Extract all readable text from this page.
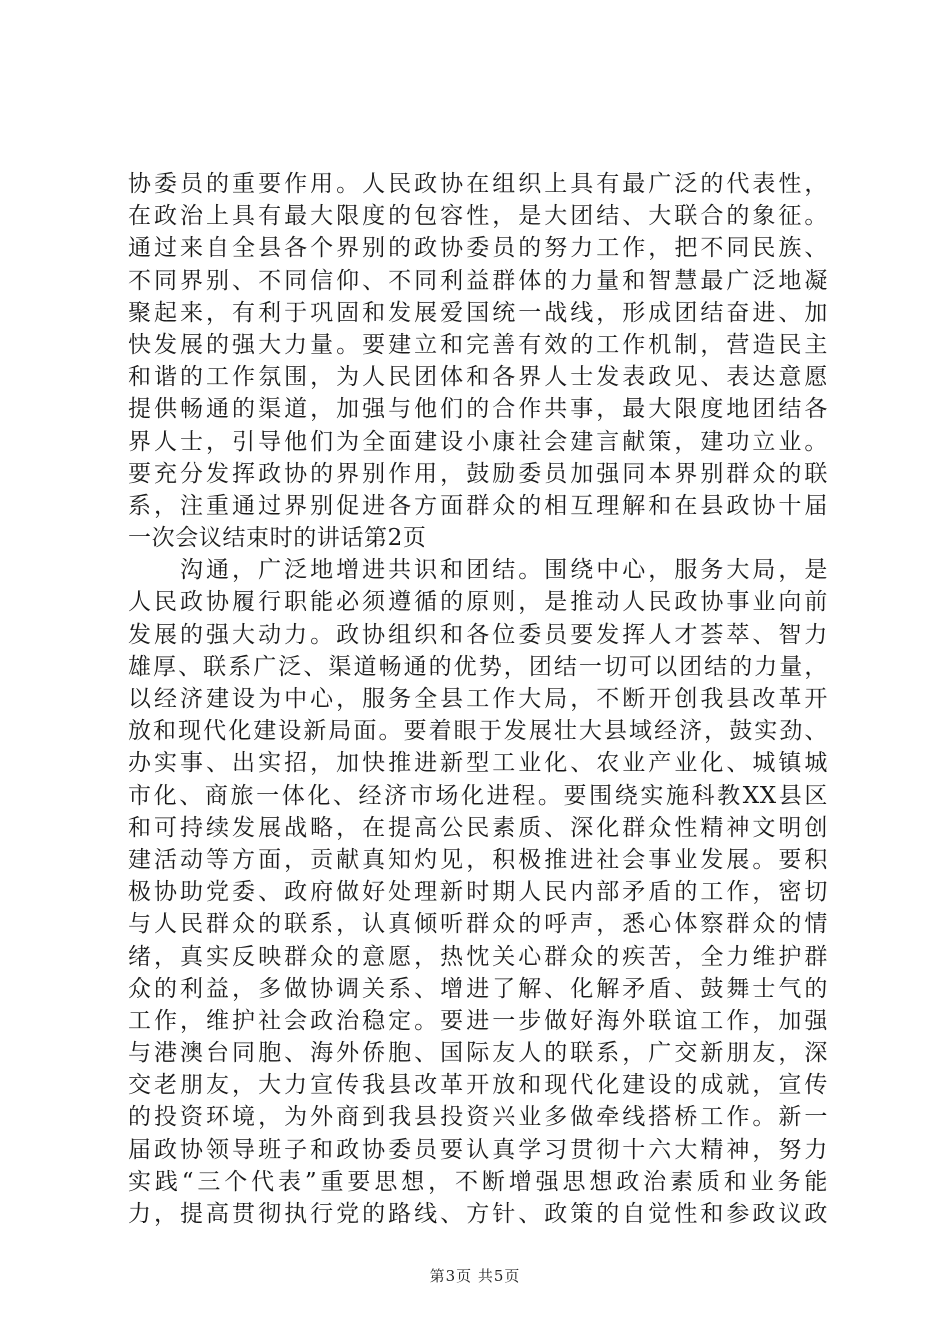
协委员的重要作用。人民政协在组织上具有最广泛的代表性，
在政治上具有最大限度的包容性，是大团结、大联合的象征。
通过来自全县各个界别的政协委员的努力工作，把不同民族、
不同界别、不同信仰、不同利益群体的力量和智慧最广泛地凝
聚起来，有利于巩固和发展爱国统一战线，形成团结奋进、加
快发展的强大力量。要建立和完善有效的工作机制，营造民主
和谐的工作氛围，为人民团体和各界人士发表政见、表达意愿
提供畅通的渠道，加强与他们的合作共事，最大限度地团结各
界人士，引导他们为全面建设小康社会建言献策，建功立业。
要充分发挥政协的界别作用，鼓励委员加强同本界别群众的联
系，注重通过界别促进各方面群众的相互理解和在县政协十届
一次会议结束时的讲话第2页
　　沟通，广泛地增进共识和团结。围绕中心，服务大局，是
人民政协履行职能必须遵循的原则，是推动人民政协事业向前
发展的强大动力。政协组织和各位委员要发挥人才荟萃、智力
雄厚、联系广泛、渠道畅通的优势，团结一切可以团结的力量，
以经济建设为中心，服务全县工作大局，不断开创我县改革开
放和现代化建设新局面。要着眼于发展壮大县域经济，鼓实劲、
办实事、出实招，加快推进新型工业化、农业产业化、城镇城
市化、商旅一体化、经济市场化进程。要围绕实施科教XX县区
和可持续发展战略，在提高公民素质、深化群众性精神文明创
建活动等方面，贡献真知灼见，积极推进社会事业发展。要积
极协助党委、政府做好处理新时期人民内部矛盾的工作，密切
与人民群众的联系，认真倾听群众的呼声，悉心体察群众的情
绪，真实反映群众的意愿，热忱关心群众的疾苦，全力维护群
众的利益，多做协调关系、增进了解、化解矛盾、鼓舞士气的
工作，维护社会政治稳定。要进一步做好海外联谊工作，加强
与港澳台同胞、海外侨胞、国际友人的联系，广交新朋友，深
交老朋友，大力宣传我县改革开放和现代化建设的成就，宣传
的投资环境，为外商到我县投资兴业多做牵线搭桥工作。新一
届政协领导班子和政协委员要认真学习贯彻十六大精神，努力
实践“三个代表”重要思想，不断增强思想政治素质和业务能
力，提高贯彻执行党的路线、方针、政策的自觉性和参政议政
第3页 共5页
